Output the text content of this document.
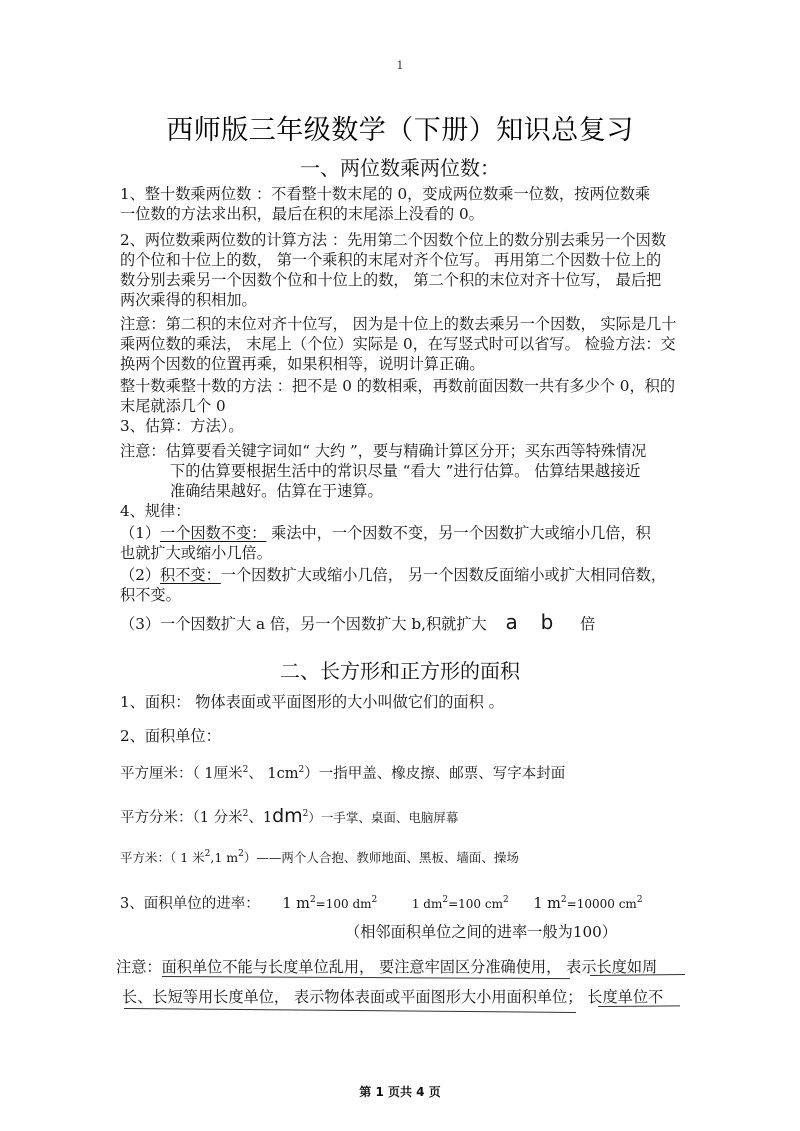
1
西师版三年级数学（下册）知识总复习
一、两位数乘两位数：
1、整十数乘两位数 ：不看整十数末尾的 0，变成两位数乘一位数，按两位数乘
一位数的方法求出积，最后在积的末尾添上没看的 0。
2、两位数乘两位数的计算方法 ：先用第二个因数个位上的数分别去乘另一个因数
的个位和十位上的数， 第一个乘积的末尾对齐个位写。 再用第二个因数十位上的
数分别去乘另一个因数个位和十位上的数， 第二个积的末位对齐十位写， 最后把
两次乘得的积相加。
注意：第二积的末位对齐十位写， 因为是十位上的数去乘另一个因数， 实际是几十
乘两位数的乘法， 末尾上（个位）实际是 0，在写竖式时可以省写。 检验方法：交
换两个因数的位置再乘，如果积相等，说明计算正确。
整十数乘整十数的方法 ：把不是 0 的数相乘，再数前面因数一共有多少个 0，积的
末尾就添几个 0
3、估算：方法）。
注意：估算要看关键字词如“ 大约 ”，要与精确计算区分开；买东西等特殊情况
下的估算要根据生活中的常识尽量 “看大 ”进行估算。 估算结果越接近
准确结果越好。估算在于速算。
4、规律：
（1）一个因数不变： 乘法中，一个因数不变，另一个因数扩大或缩小几倍，积
也就扩大或缩小几倍。
（2）积不变：一个因数扩大或缩小几倍， 另一个因数反面缩小或扩大相同倍数，
积不变。
（3）一个因数扩大 a 倍，另一个因数扩大 b,积就扩大 a b 倍
二、长方形和正方形的面积
1、面积： 物体表面或平面图形的大小叫做它们的面积 。
2、面积单位：
平方厘米：（ 1厘米$^2$、 $1cm^2$）一指甲盖、橡皮擦、邮票、写字本封面
平方分米：（1 分米$^2$、$1dm^2$）一手掌、桌面、电脑屏幕
平方米：（ 1 米$^2$,1 $m^2)——$两个人合抱、教师地面、黑板、墙面、操场
3、面积单位的进率： 1 $m^2=100$ $dm^2$	1 $dm^2=100$ $cm^2$ 1 $m^2=10000$ $cm^2$
（相邻面积单位之间的进率一般为100）
注意：面积单位不能与长度单位乱用， 要注意牢固区分准确使用， 表示长度如周
长、长短等用长度单位， 表示物体表面或平面图形大小用面积单位； 长度单位不
第 1 页共 4 页
